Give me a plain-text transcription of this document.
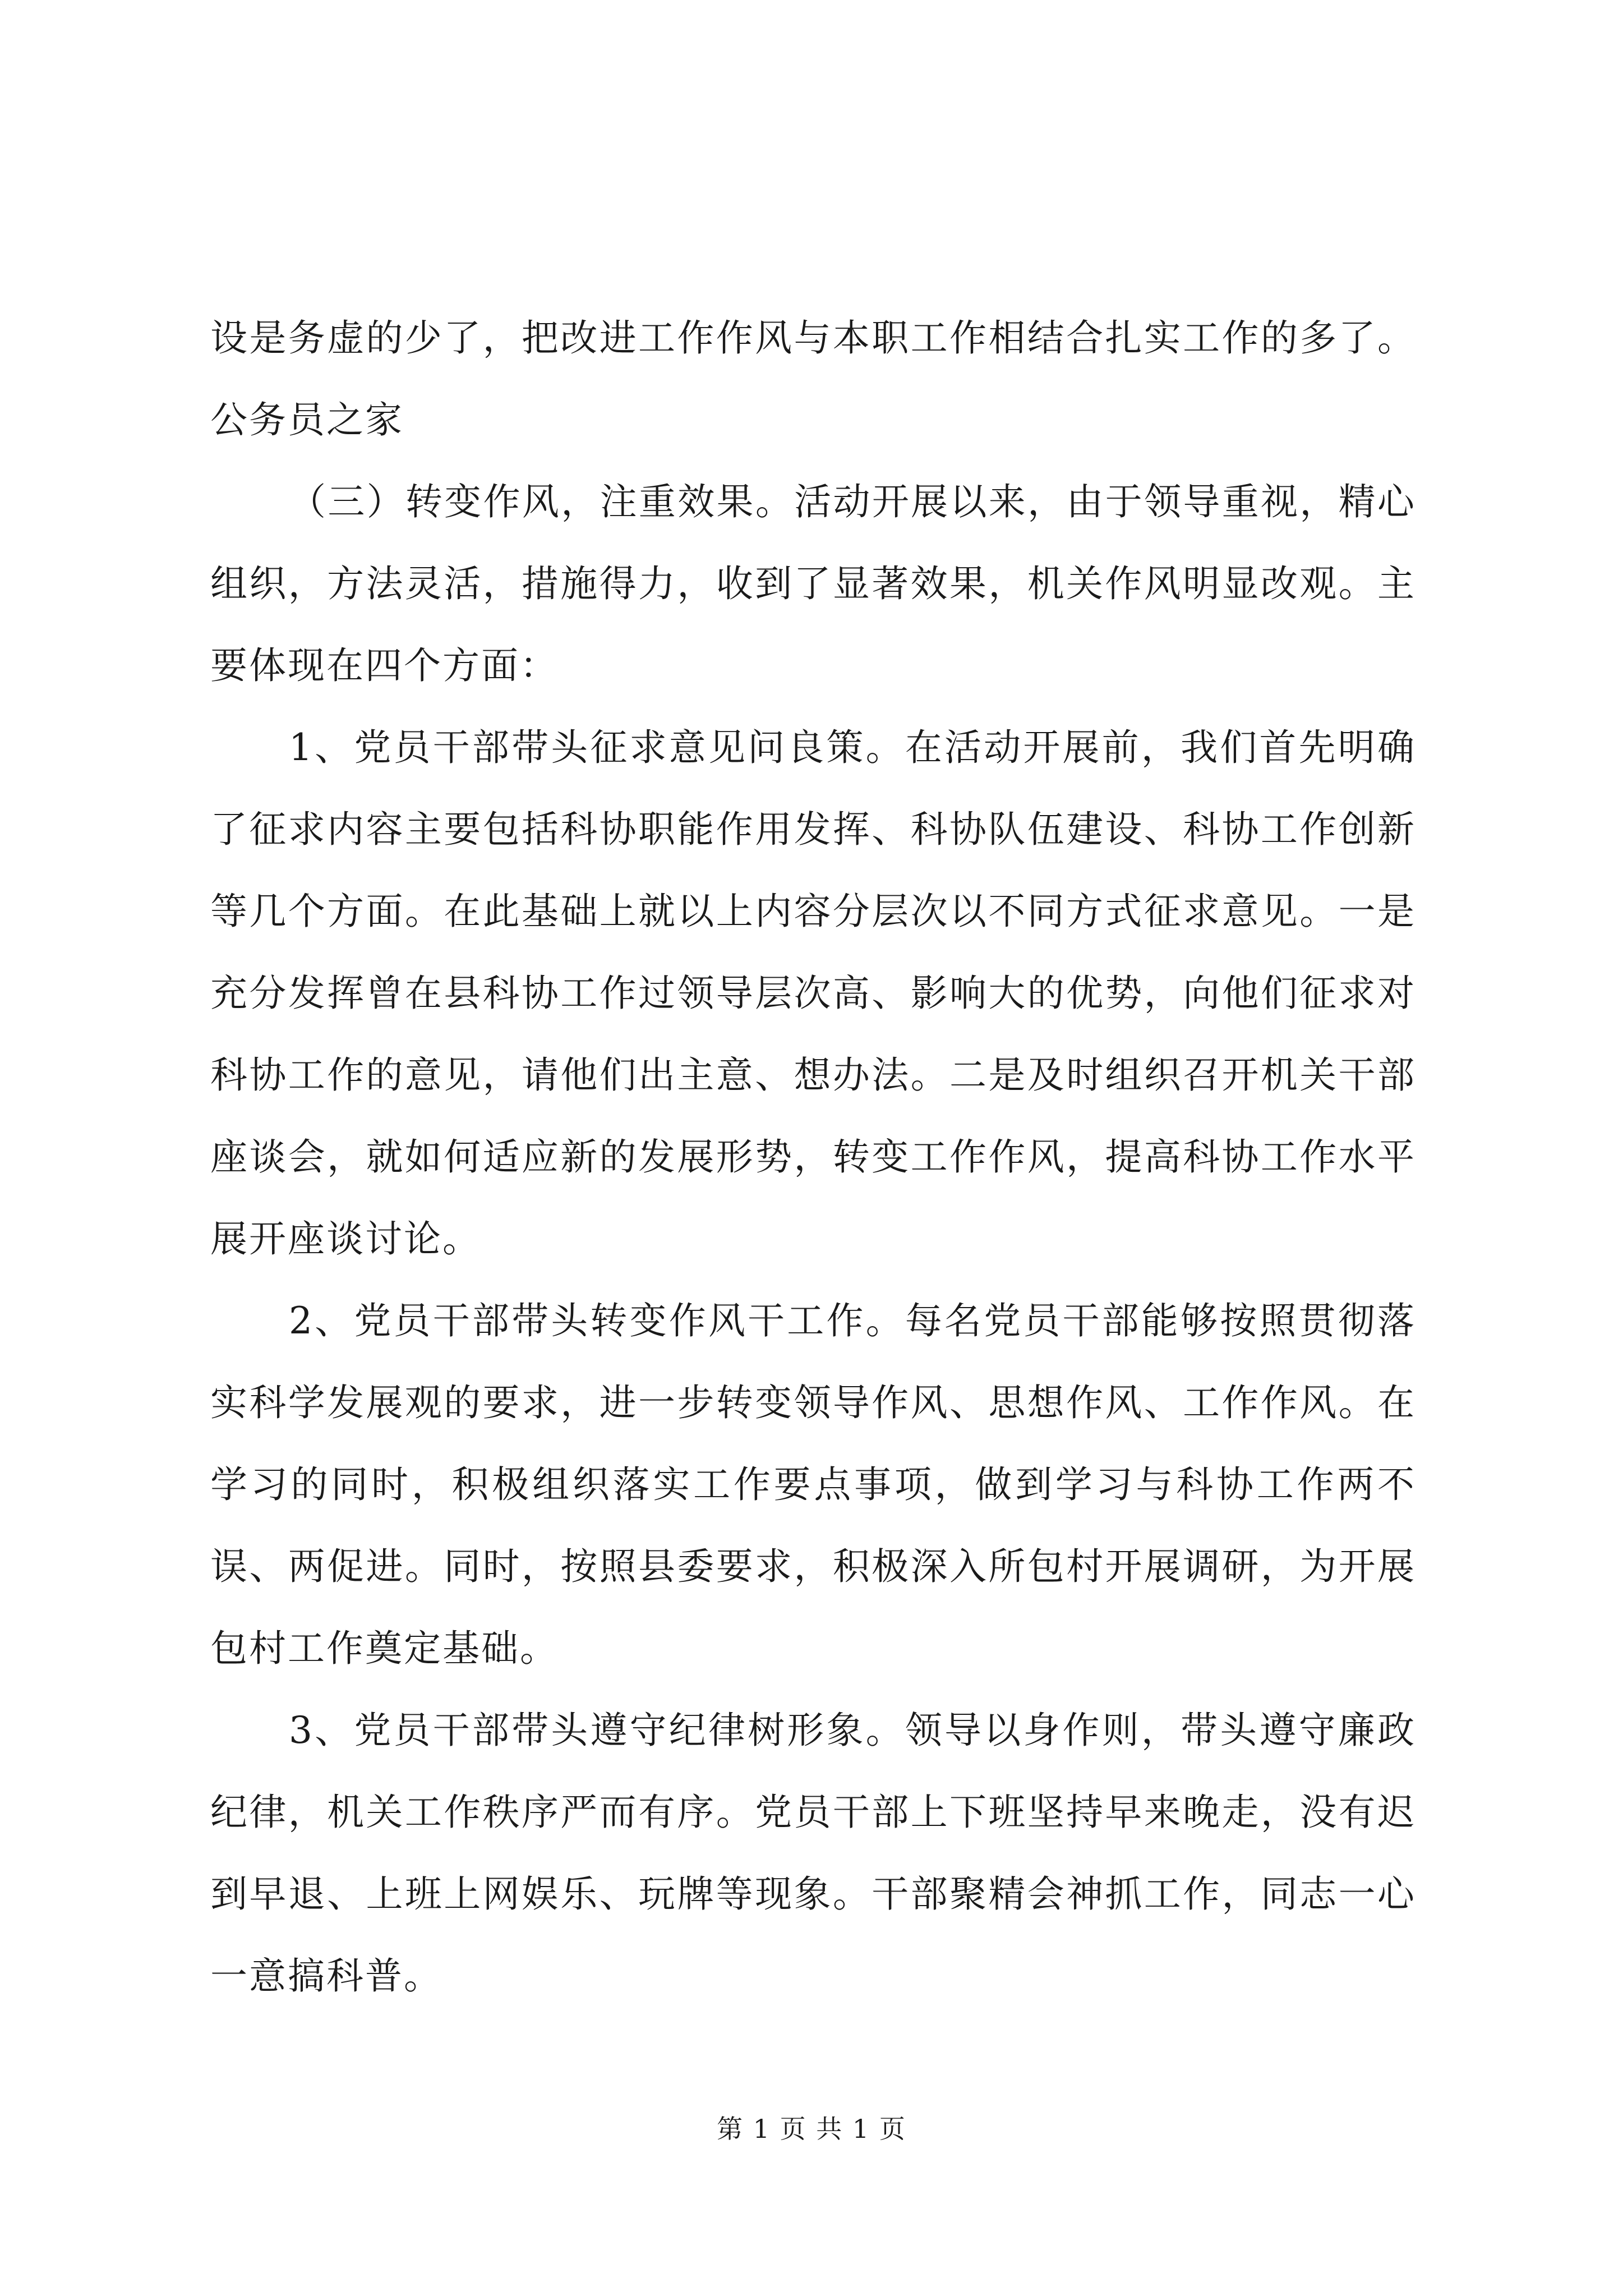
设是务虚的少了，把改进工作作风与本职工作相结合扎实工作的多了。公务员之家

（三）转变作风，注重效果。活动开展以来，由于领导重视，精心组织，方法灵活，措施得力，收到了显著效果，机关作风明显改观。主要体现在四个方面：

1、党员干部带头征求意见问良策。在活动开展前，我们首先明确了征求内容主要包括科协职能作用发挥、科协队伍建设、科协工作创新等几个方面。在此基础上就以上内容分层次以不同方式征求意见。一是充分发挥曾在县科协工作过领导层次高、影响大的优势，向他们征求对科协工作的意见，请他们出主意、想办法。二是及时组织召开机关干部座谈会，就如何适应新的发展形势，转变工作作风，提高科协工作水平展开座谈讨论。

2、党员干部带头转变作风干工作。每名党员干部能够按照贯彻落实科学发展观的要求，进一步转变领导作风、思想作风、工作作风。在学习的同时，积极组织落实工作要点事项，做到学习与科协工作两不误、两促进。同时，按照县委要求，积极深入所包村开展调研，为开展包村工作奠定基础。

3、党员干部带头遵守纪律树形象。领导以身作则，带头遵守廉政纪律，机关工作秩序严而有序。党员干部上下班坚持早来晚走，没有迟到早退、上班上网娱乐、玩牌等现象。干部聚精会神抓工作，同志一心一意搞科普。

第 1 页 共 1 页
